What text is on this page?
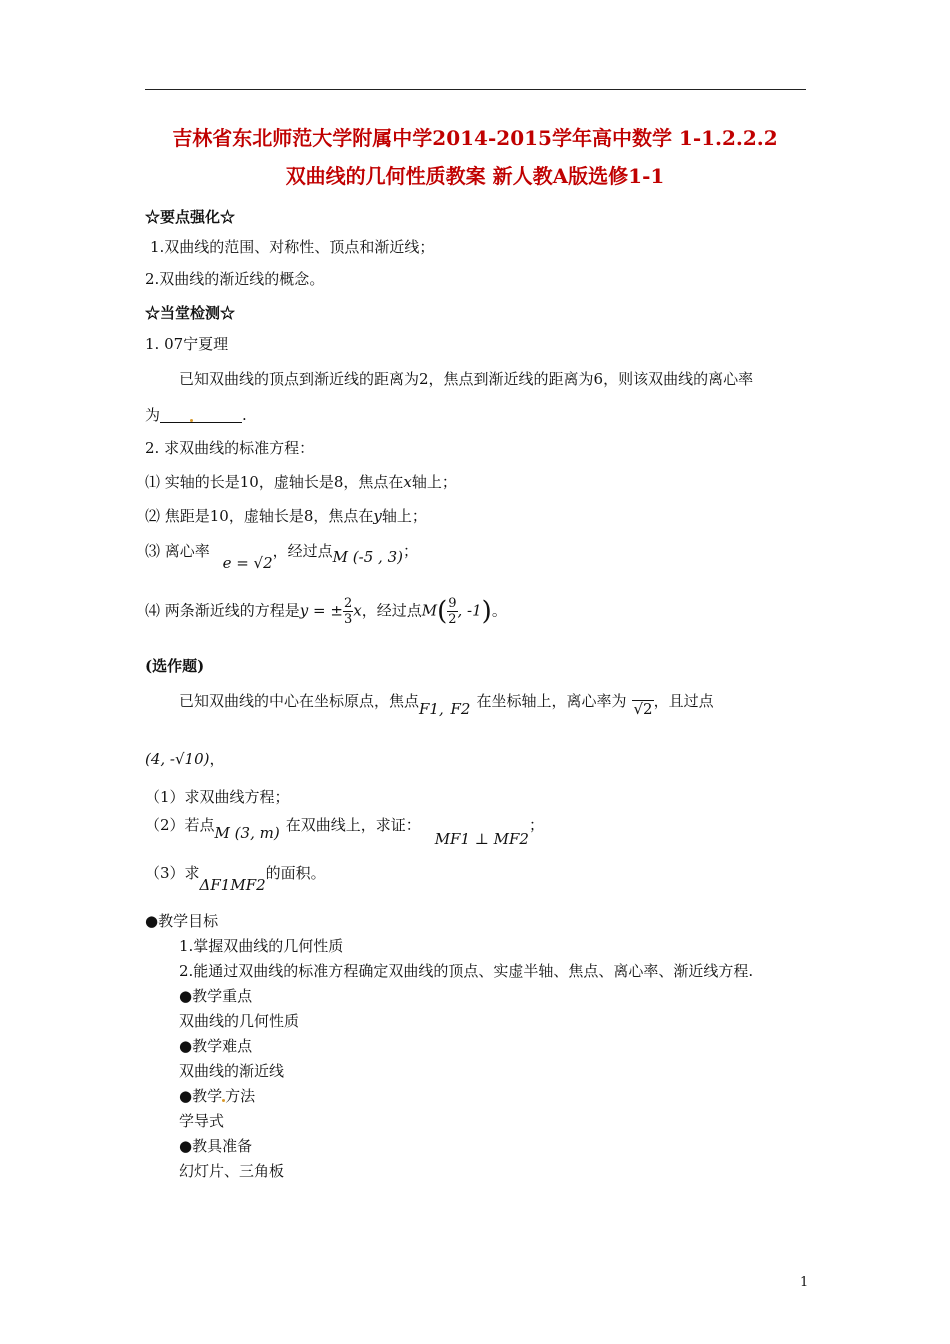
吉林省东北师范大学附属中学2014-2015学年高中数学 1-1.2.2.2
双曲线的几何性质教案 新人教A版选修1-1
☆要点强化☆
1.双曲线的范围、对称性、顶点和渐近线；
2.双曲线的渐近线的概念。
☆当堂检测☆
1. 07宁夏理
已知双曲线的顶点到渐近线的距离为2，焦点到渐近线的距离为6，则该双曲线的离心率
为	.
2. 求双曲线的标准方程：
⑴ 实轴的长是10，虚轴长是8，焦点在x轴上；
⑵ 焦距是10，虚轴长是8，焦点在y轴上；
⑶ 离心率 e = √2，经过点M (-5 , 3)；
⑷ 两条渐近线的方程是y = ± $\frac{2}{3}$ x，经过点$M( \frac{9}{2}$ , -1)。
(选作题)
已知双曲线的中心在坐标原点，焦点F1, F2 在坐标轴上，离心率为 √2，且过点
(4, -√10)，
（1）求双曲线方程；
（2）若点M (3, m) 在双曲线上，求证：MF1 ⊥ MF2；
（3）求ΔF1MF2的面积。
●教学目标
1.掌握双曲线的几何性质
2.能通过双曲线的标准方程确定双曲线的顶点、实虚半轴、焦点、离心率、渐近线方程.
●教学重点
双曲线的几何性质
●教学难点
双曲线的渐近线
●教学 方法
学导式
●教具准备
幻灯片、三角板
1
